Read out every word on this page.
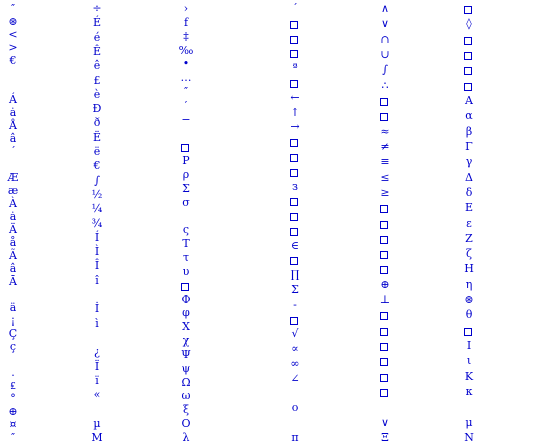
″
⊛
<
>
€
Á
ȧ
Å
â
´
Æ
æ
À
ȧ
Ä
å
Ã
â
Ā
ä
¡
Ç
ç
.
₤
°
⊕
¤
″
÷
É
é
Ê
ê
£
è
Ð
ð
Ë
ë
€
∫
½
¼
¾
Í
Ì
Î
î
İ
ì
¿
Ï
ï
«
µ
M
›
f
‡
‰
•
…
″
′
−
P
ρ
Σ
σ
ς
T
τ
υ
Φ
φ
X
χ
Ψ
ψ
Ω
ω
ξ
O
λ
´
ª
←
↑
→
з
∈
∏
Σ
-
√
∝
∞
∠
o
π
∧
∨
∩
∪
∫
∴
≈
≠
≡
≤
≥
⊕
⊥
∨
Ξ
◊
A
α
β
Γ
γ
Δ
δ
Ε
ε
Ζ
ζ
Η
η
⊛
θ
Ι
ι
Κ
κ
μ
N
